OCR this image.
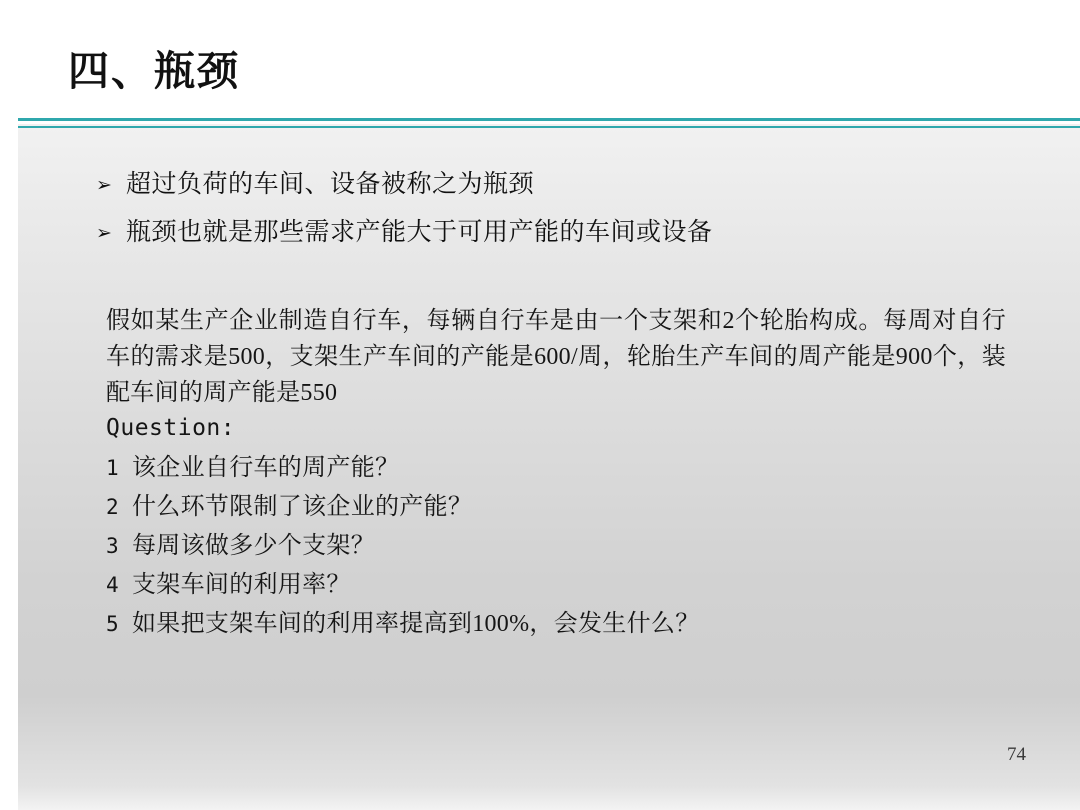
四、瓶颈
➢ 超过负荷的车间、设备被称之为瓶颈
➢ 瓶颈也就是那些需求产能大于可用产能的车间或设备
假如某生产企业制造自行车，每辆自行车是由一个支架和2个轮胎构成。每周对自行车的需求是500，支架生产车间的产能是600/周，轮胎生产车间的周产能是900个，装配车间的周产能是550
Question:
1 该企业自行车的周产能？
2 什么环节限制了该企业的产能？
3 每周该做多少个支架？
4 支架车间的利用率？
5 如果把支架车间的利用率提高到100%，会发生什么？
74
